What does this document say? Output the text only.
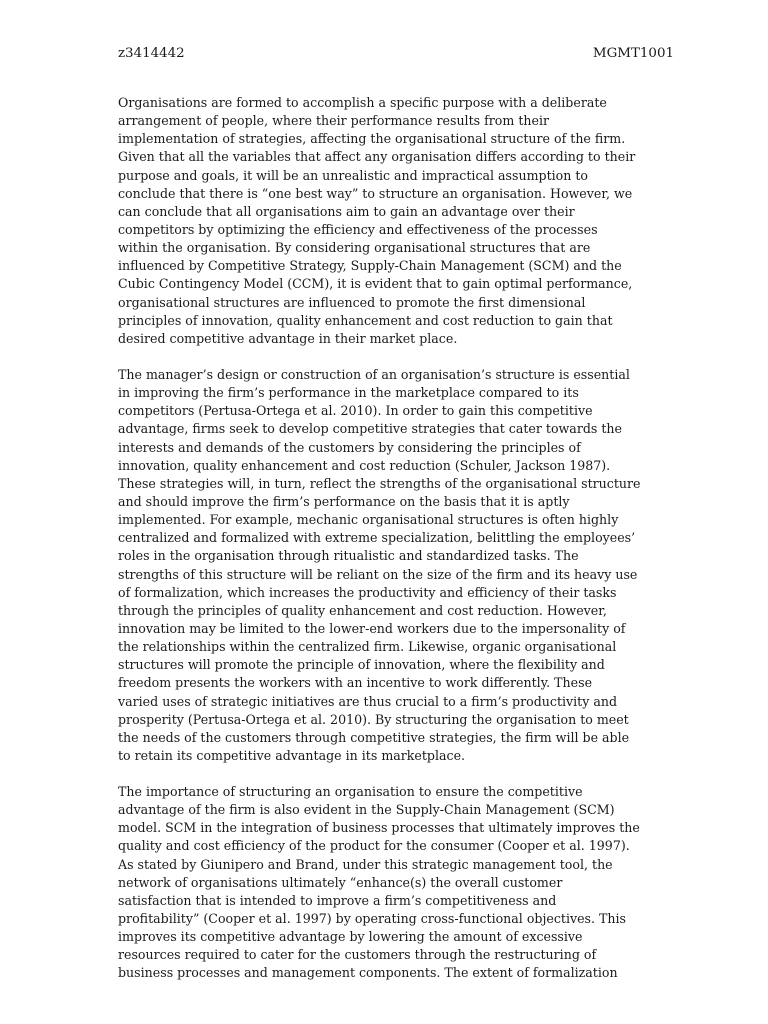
z3414442	MGMT1001

Organisations are formed to accomplish a specific purpose with a deliberate
arrangement of people, where their performance results from their
implementation of strategies, affecting the organisational structure of the firm.
Given that all the variables that affect any organisation differs according to their
purpose and goals, it will be an unrealistic and impractical assumption to
conclude that there is “one best way” to structure an organisation. However, we
can conclude that all organisations aim to gain an advantage over their
competitors by optimizing the efficiency and effectiveness of the processes
within the organisation. By considering organisational structures that are
influenced by Competitive Strategy, Supply-Chain Management (SCM) and the
Cubic Contingency Model (CCM), it is evident that to gain optimal performance,
organisational structures are influenced to promote the first dimensional
principles of innovation, quality enhancement and cost reduction to gain that
desired competitive advantage in their market place.

The manager’s design or construction of an organisation’s structure is essential
in improving the firm’s performance in the marketplace compared to its
competitors (Pertusa-Ortega et al. 2010). In order to gain this competitive
advantage, firms seek to develop competitive strategies that cater towards the
interests and demands of the customers by considering the principles of
innovation, quality enhancement and cost reduction (Schuler, Jackson 1987).
These strategies will, in turn, reflect the strengths of the organisational structure
and should improve the firm’s performance on the basis that it is aptly
implemented. For example, mechanic organisational structures is often highly
centralized and formalized with extreme specialization, belittling the employees’
roles in the organisation through ritualistic and standardized tasks. The
strengths of this structure will be reliant on the size of the firm and its heavy use
of formalization, which increases the productivity and efficiency of their tasks
through the principles of quality enhancement and cost reduction. However,
innovation may be limited to the lower-end workers due to the impersonality of
the relationships within the centralized firm. Likewise, organic organisational
structures will promote the principle of innovation, where the flexibility and
freedom presents the workers with an incentive to work differently. These
varied uses of strategic initiatives are thus crucial to a firm’s productivity and
prosperity (Pertusa-Ortega et al. 2010). By structuring the organisation to meet
the needs of the customers through competitive strategies, the firm will be able
to retain its competitive advantage in its marketplace.

The importance of structuring an organisation to ensure the competitive
advantage of the firm is also evident in the Supply-Chain Management (SCM)
model. SCM in the integration of business processes that ultimately improves the
quality and cost efficiency of the product for the consumer (Cooper et al. 1997).
As stated by Giunipero and Brand, under this strategic management tool, the
network of organisations ultimately “enhance(s) the overall customer
satisfaction that is intended to improve a firm’s competitiveness and
profitability” (Cooper et al. 1997) by operating cross-functional objectives. This
improves its competitive advantage by lowering the amount of excessive
resources required to cater for the customers through the restructuring of
business processes and management components. The extent of formalization
